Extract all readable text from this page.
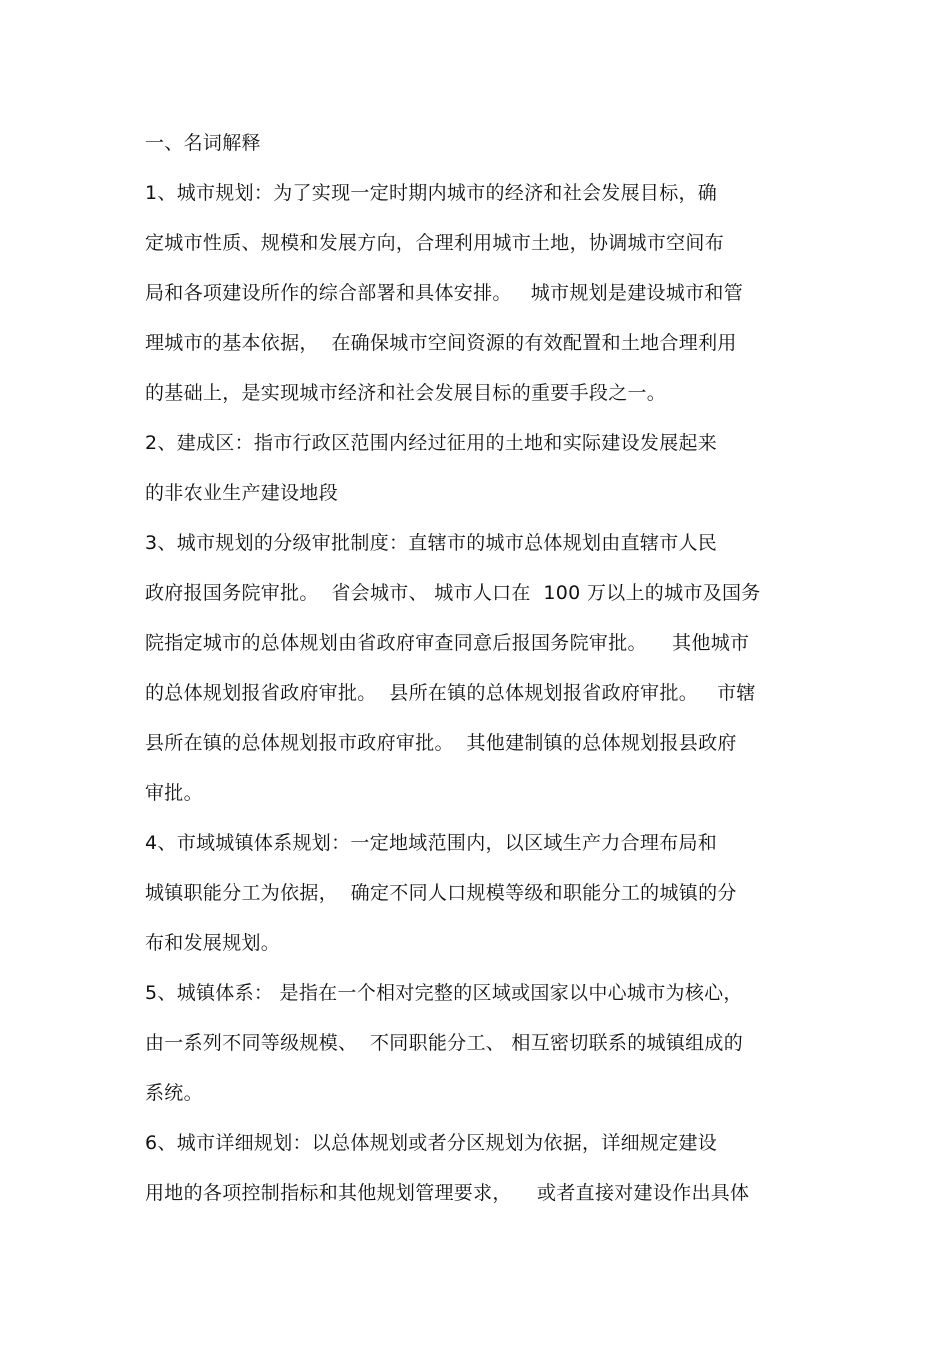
一、名词解释
1、城市规划：为了实现一定时期内城市的经济和社会发展目标，确
定城市性质、规模和发展方向，合理利用城市土地，协调城市空间布
局和各项建设所作的综合部署和具体安排。   城市规划是建设城市和管
理城市的基本依据，  在确保城市空间资源的有效配置和土地合理利用
的基础上，是实现城市经济和社会发展目标的重要手段之一。
2、建成区：指市行政区范围内经过征用的土地和实际建设发展起来
的非农业生产建设地段
3、城市规划的分级审批制度：直辖市的城市总体规划由直辖市人民
政府报国务院审批。  省会城市、 城市人口在  100 万以上的城市及国务
院指定城市的总体规划由省政府审查同意后报国务院审批。    其他城市
的总体规划报省政府审批。  县所在镇的总体规划报省政府审批。   市辖
县所在镇的总体规划报市政府审批。  其他建制镇的总体规划报县政府
审批。
4、市域城镇体系规划：一定地域范围内，以区域生产力合理布局和
城镇职能分工为依据，  确定不同人口规模等级和职能分工的城镇的分
布和发展规划。
5、城镇体系： 是指在一个相对完整的区域或国家以中心城市为核心，
由一系列不同等级规模、  不同职能分工、 相互密切联系的城镇组成的
系统。
6、城市详细规划：以总体规划或者分区规划为依据，详细规定建设
用地的各项控制指标和其他规划管理要求，    或者直接对建设作出具体
